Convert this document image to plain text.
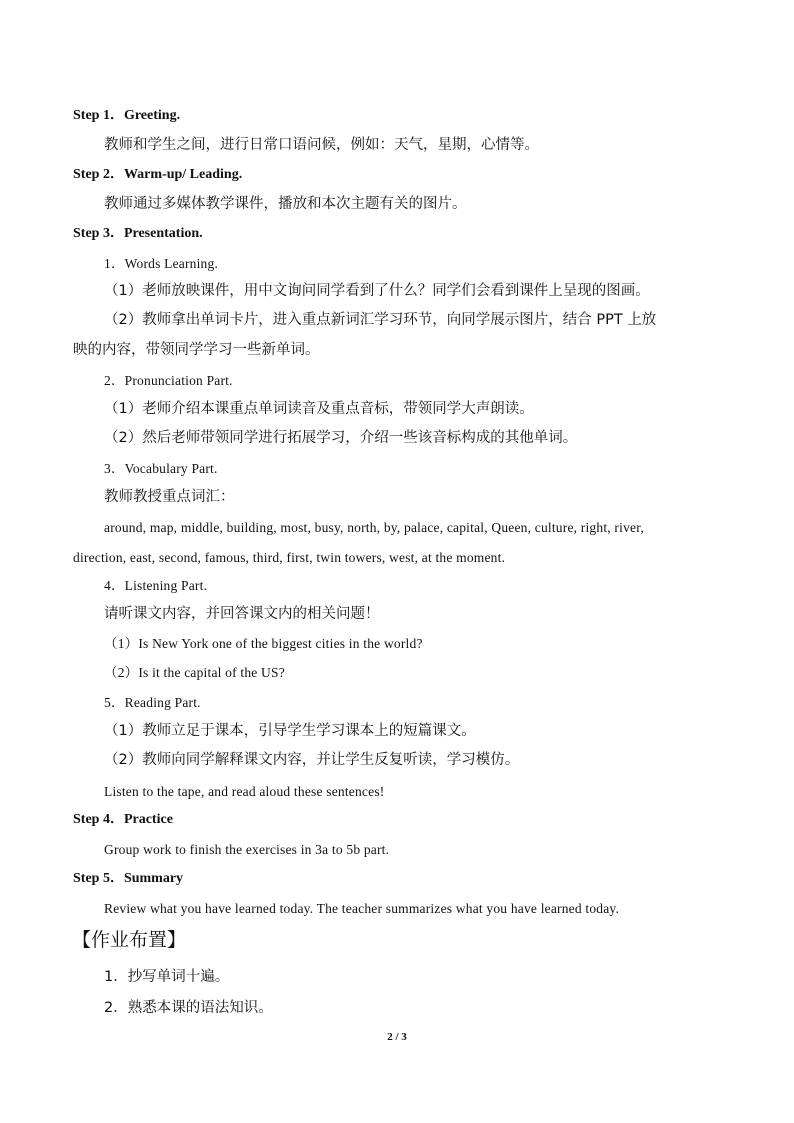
Step 1．Greeting.
教师和学生之间，进行日常口语问候，例如：天气，星期，心情等。
Step 2．Warm-up/ Leading.
教师通过多媒体教学课件，播放和本次主题有关的图片。
Step 3．Presentation.
1．Words Learning.
（1）老师放映课件，用中文询问同学看到了什么？同学们会看到课件上呈现的图画。
（2）教师拿出单词卡片，进入重点新词汇学习环节，向同学展示图片，结合 PPT 上放
映的内容，带领同学学习一些新单词。
2．Pronunciation Part.
（1）老师介绍本课重点单词读音及重点音标，带领同学大声朗读。
（2）然后老师带领同学进行拓展学习，介绍一些该音标构成的其他单词。
3．Vocabulary Part.
教师教授重点词汇：
around, map, middle, building, most, busy, north, by, palace, capital, Queen, culture, right, river,
direction, east, second, famous, third, first, twin towers, west, at the moment.
4．Listening Part.
请听课文内容，并回答课文内的相关问题！
（1）Is New York one of the biggest cities in the world?
（2）Is it the capital of the US?
5．Reading Part.
（1）教师立足于课本，引导学生学习课本上的短篇课文。
（2）教师向同学解释课文内容，并让学生反复听读，学习模仿。
Listen to the tape, and read aloud these sentences!
Step 4．Practice
Group work to finish the exercises in 3a to 5b part.
Step 5．Summary
Review what you have learned today. The teacher summarizes what you have learned today.
【作业布置】
1．抄写单词十遍。
2．熟悉本课的语法知识。
2 / 3
